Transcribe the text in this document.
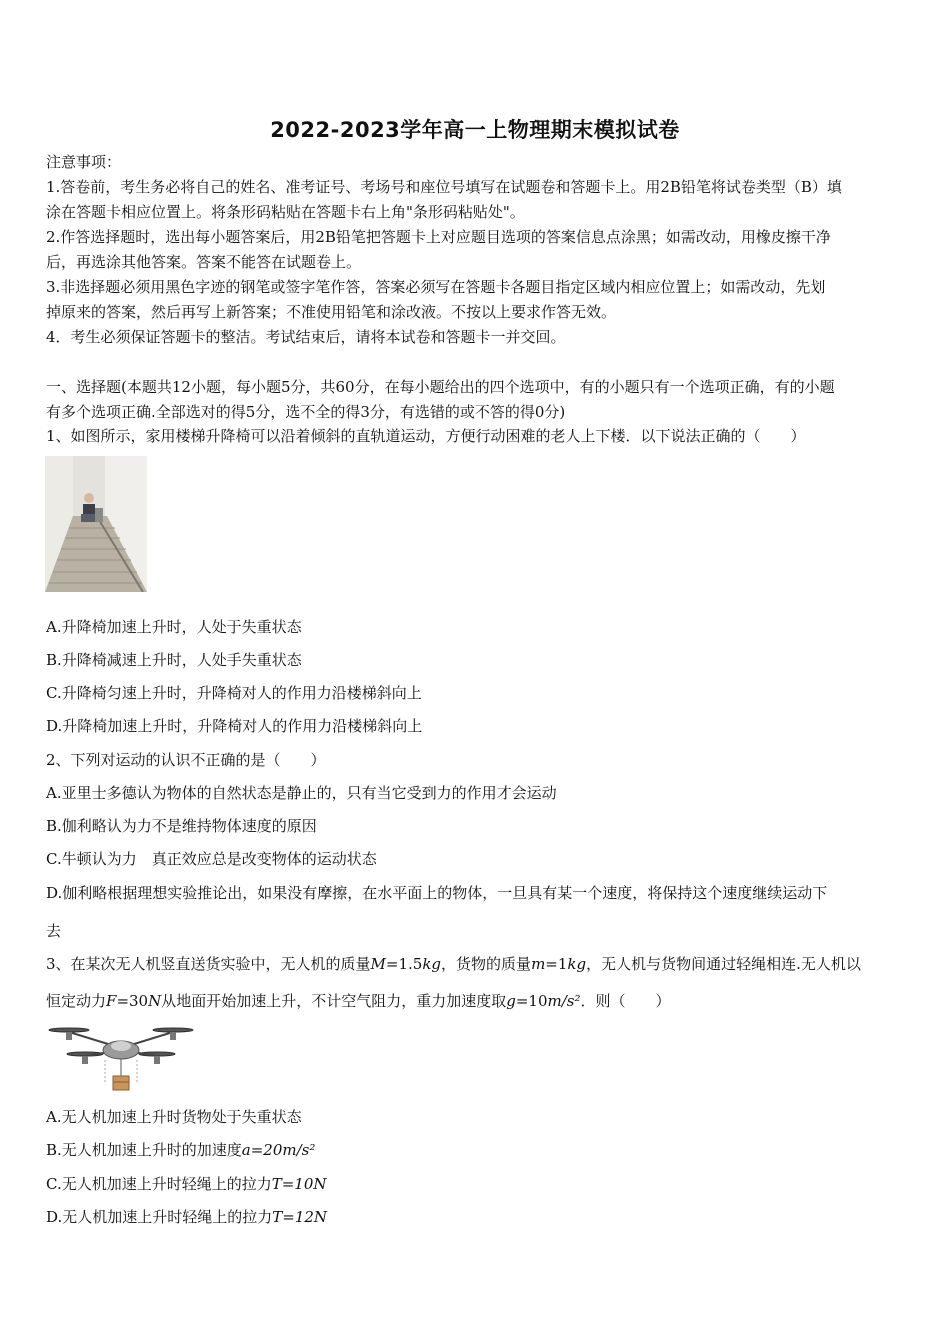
2022-2023学年高一上物理期末模拟试卷
注意事项：
1.答卷前，考生务必将自己的姓名、准考证号、考场号和座位号填写在试题卷和答题卡上。用2B铅笔将试卷类型（B）填
涂在答题卡相应位置上。将条形码粘贴在答题卡右上角"条形码粘贴处"。
2.作答选择题时，选出每小题答案后，用2B铅笔把答题卡上对应题目选项的答案信息点涂黑；如需改动，用橡皮擦干净
后，再选涂其他答案。答案不能答在试题卷上。
3.非选择题必须用黑色字迹的钢笔或签字笔作答，答案必须写在答题卡各题目指定区域内相应位置上；如需改动，先划
掉原来的答案，然后再写上新答案；不准使用铅笔和涂改液。不按以上要求作答无效。
4．考生必须保证答题卡的整洁。考试结束后，请将本试卷和答题卡一并交回。
一、选择题(本题共12小题，每小题5分，共60分，在每小题给出的四个选项中，有的小题只有一个选项正确，有的小题
有多个选项正确.全部选对的得5分，选不全的得3分，有选错的或不答的得0分)
1、如图所示，家用楼梯升降椅可以沿着倾斜的直轨道运动，方便行动困难的老人上下楼．以下说法正确的（　　）
A.升降椅加速上升时，人处于失重状态
B.升降椅减速上升时，人处手失重状态
C.升降椅匀速上升时，升降椅对人的作用力沿楼梯斜向上
D.升降椅加速上升时，升降椅对人的作用力沿楼梯斜向上
2、下列对运动的认识不正确的是（　　）
A.亚里士多德认为物体的自然状态是静止的，只有当它受到力的作用才会运动
B.伽利略认为力不是维持物体速度的原因
C.牛顿认为力　真正效应总是改变物体的运动状态
D.伽利略根据理想实验推论出，如果没有摩擦，在水平面上的物体，一旦具有某一个速度，将保持这个速度继续运动下
去
3、在某次无人机竖直送货实验中，无人机的质量M=1.5kg，货物的质量m=1kg，无人机与货物间通过轻绳相连.无人机以
恒定动力F=30N从地面开始加速上升，不计空气阻力，重力加速度取g=10m/s²．则（　　）
A.无人机加速上升时货物处于失重状态
B.无人机加速上升时的加速度a=20m/s²
C.无人机加速上升时轻绳上的拉力T=10N
D.无人机加速上升时轻绳上的拉力T=12N
